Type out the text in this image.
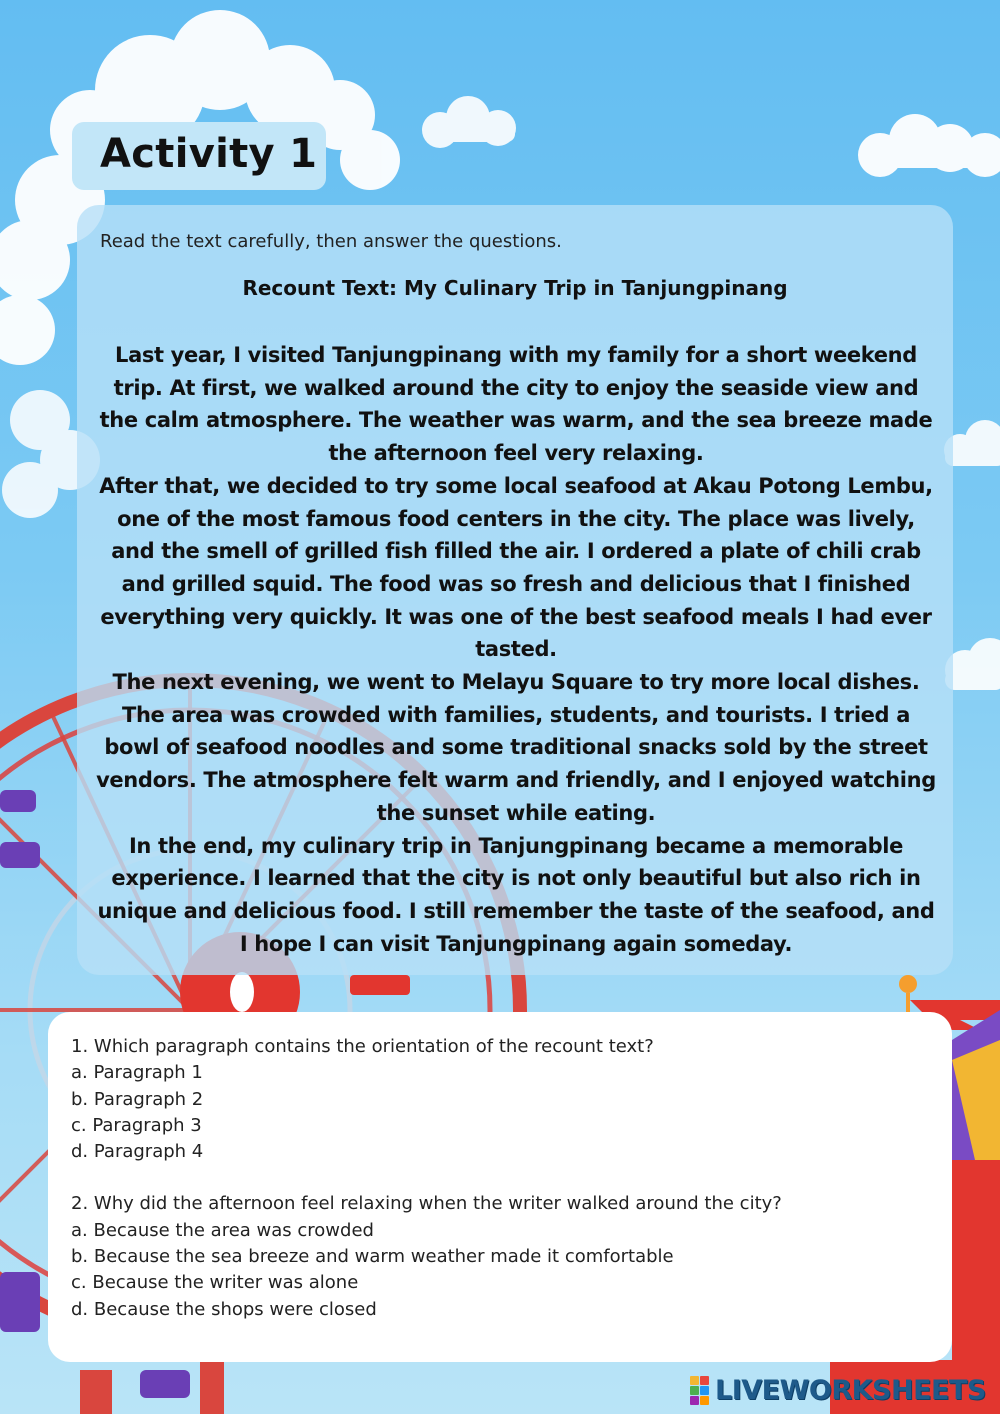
Activity 1

Read the text carefully, then answer the questions.

Recount Text: My Culinary Trip in Tanjungpinang

Last year, I visited Tanjungpinang with my family for a short weekend trip. At first, we walked around the city to enjoy the seaside view and the calm atmosphere. The weather was warm, and the sea breeze made the afternoon feel very relaxing.

After that, we decided to try some local seafood at Akau Potong Lembu, one of the most famous food centers in the city. The place was lively, and the smell of grilled fish filled the air. I ordered a plate of chili crab and grilled squid. The food was so fresh and delicious that I finished everything very quickly. It was one of the best seafood meals I had ever tasted.

The next evening, we went to Melayu Square to try more local dishes. The area was crowded with families, students, and tourists. I tried a bowl of seafood noodles and some traditional snacks sold by the street vendors. The atmosphere felt warm and friendly, and I enjoyed watching the sunset while eating.

In the end, my culinary trip in Tanjungpinang became a memorable experience. I learned that the city is not only beautiful but also rich in unique and delicious food. I still remember the taste of the seafood, and I hope I can visit Tanjungpinang again someday.

1. Which paragraph contains the orientation of the recount text?

a. Paragraph 1

b. Paragraph 2

c. Paragraph 3

d. Paragraph 4

2. Why did the afternoon feel relaxing when the writer walked around the city?

a. Because the area was crowded

b. Because the sea breeze and warm weather made it comfortable

c. Because the writer was alone

d. Because the shops were closed

LIVEWORKSHEETS
